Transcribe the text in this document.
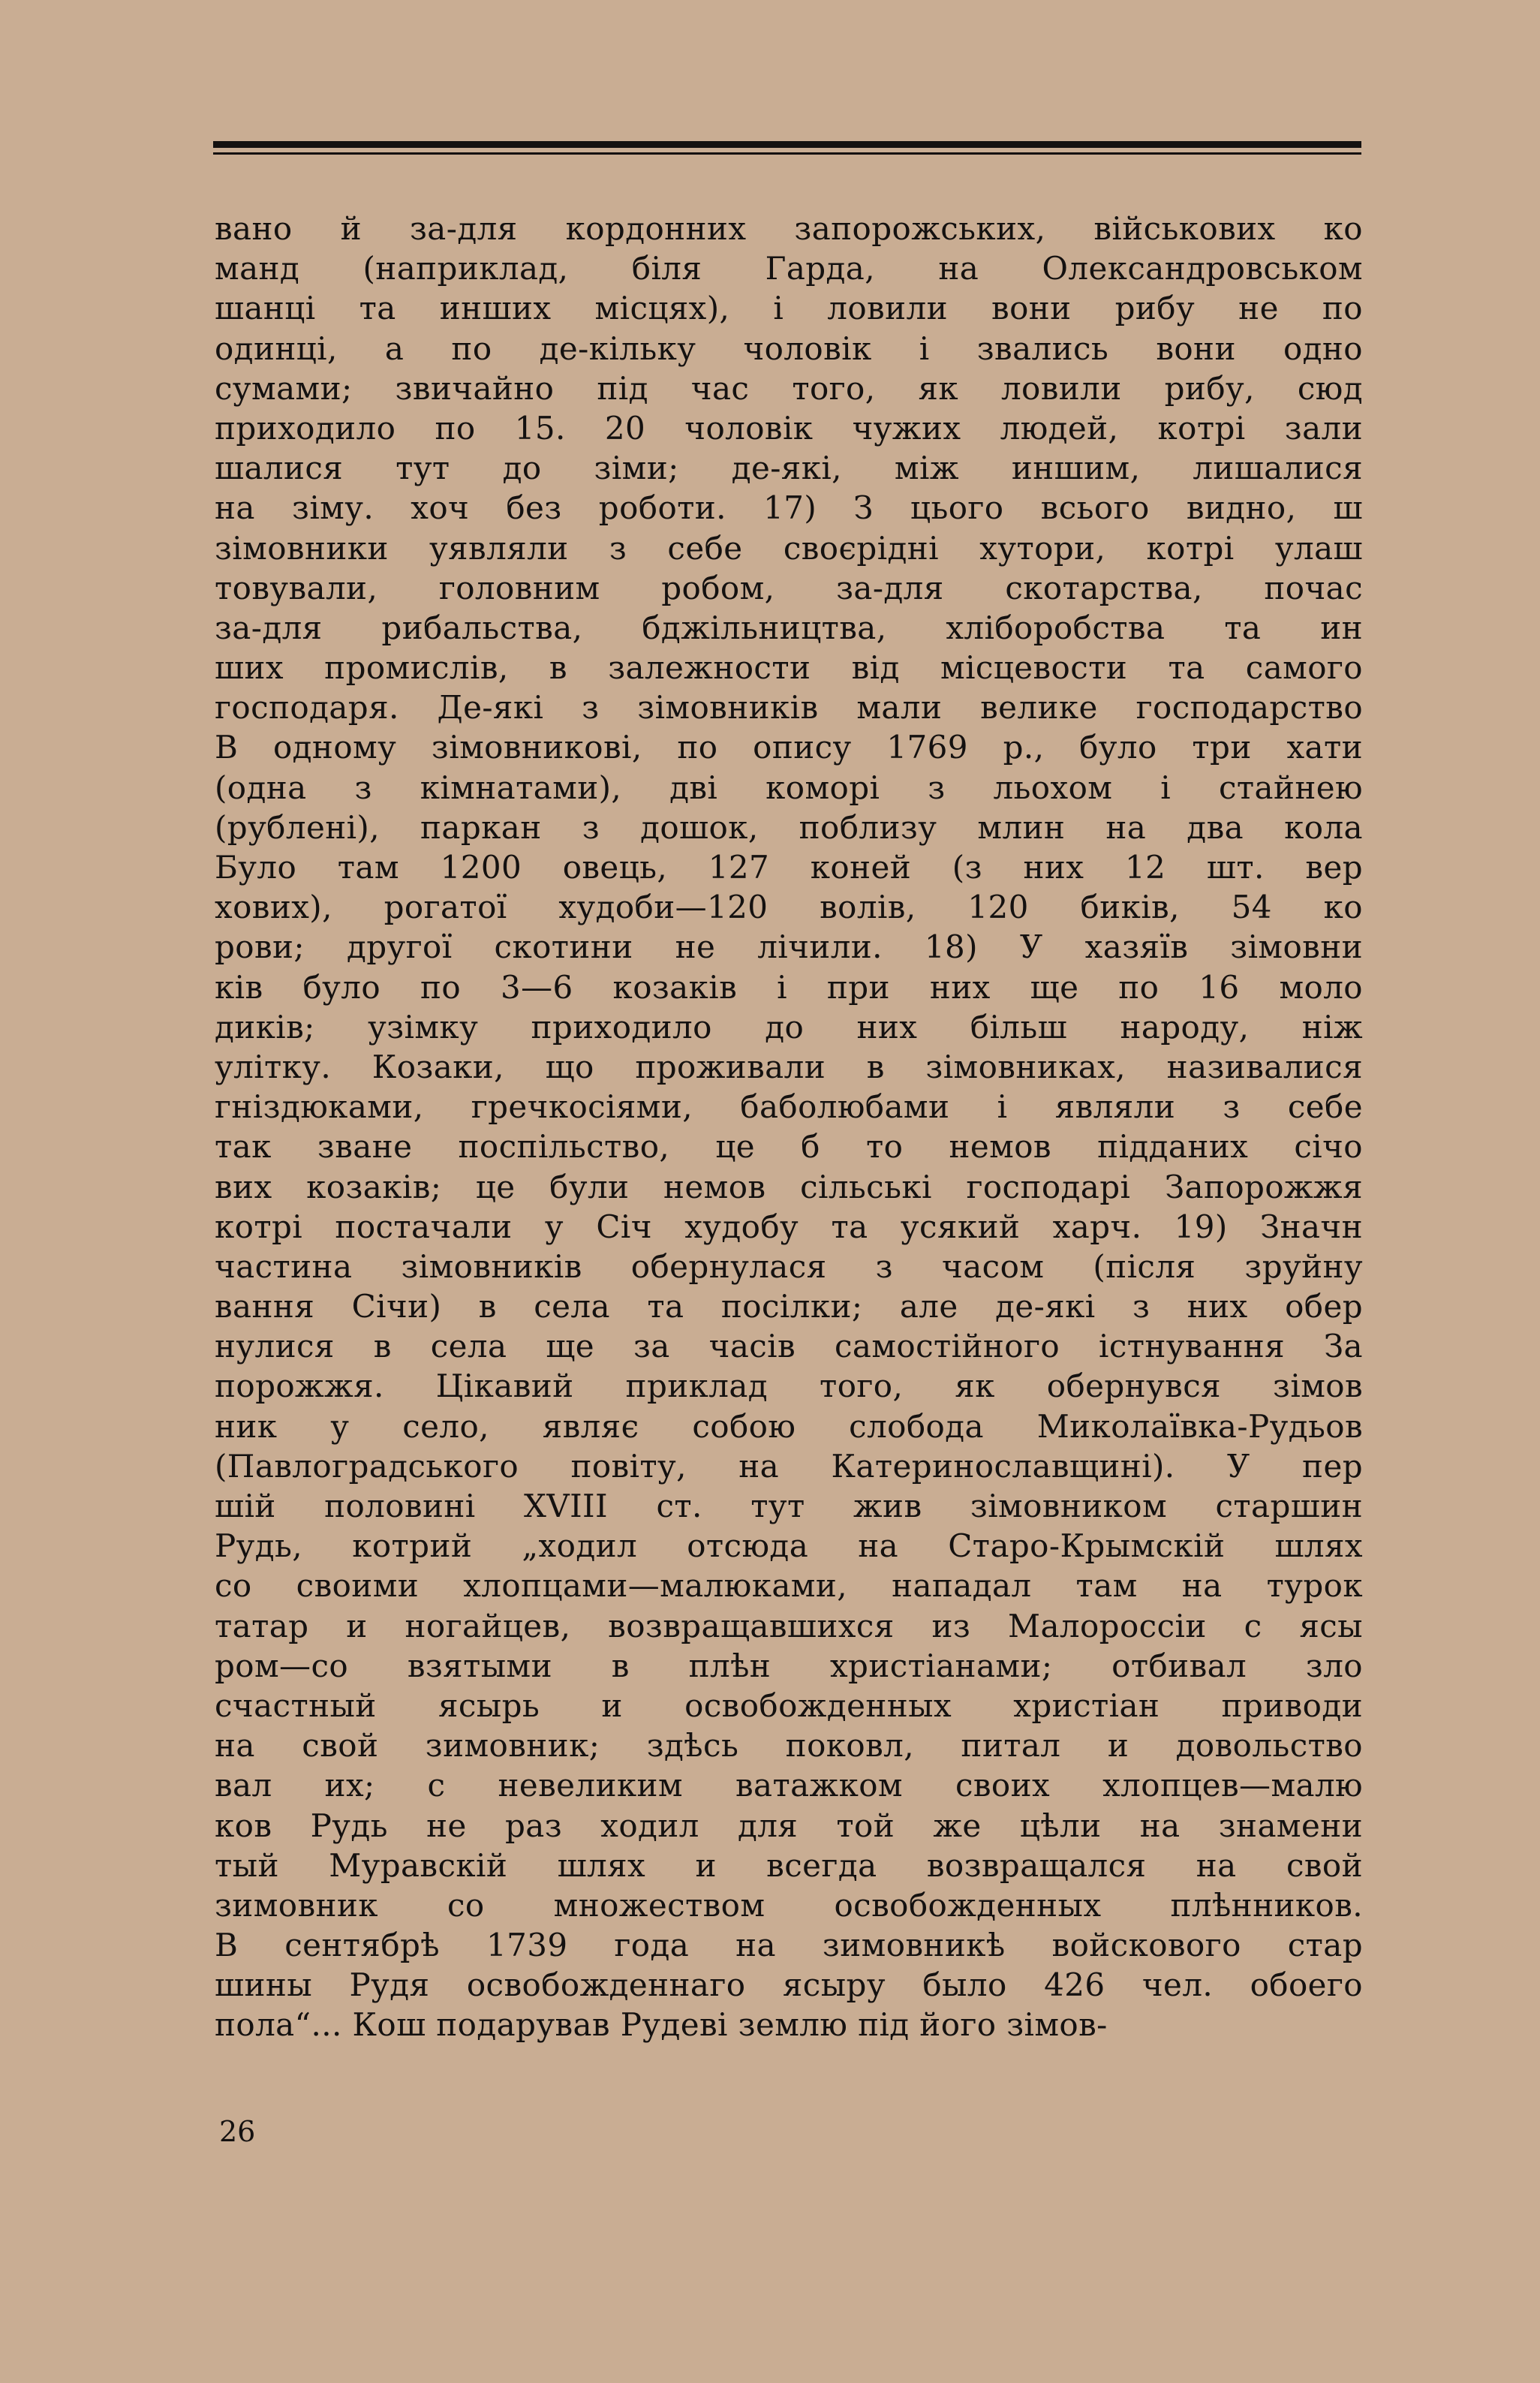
вано й за-для кордонних запорожських, військових ко
манд (наприклад, біля Гарда, на Олександровськом
шанці та инших місцях), і ловили вони рибу не по
одинці, а по де-кільку чоловік і звались вони одно
сумами; звичайно під час того, як ловили рибу, сюд
приходило по 15. 20 чоловік чужих людей, котрі зали
шалися тут до зіми; де-які, між иншим, лишалися
на зіму. хоч без роботи. 17) З цього всього видно, ш
зімовники уявляли з себе своєрідні хутори, котрі улаш
товували, головним робом, за-для скотарства, почас
за-для рибальства, бджільництва, хліборобства та ин
ших промислів, в залежности від місцевости та самого
господаря. Де-які з зімовників мали велике господарство
В одному зімовникові, по опису 1769 р., було три хати
(одна з кімнатами), дві коморі з льохом і стайнею
(рублені), паркан з дошок, поблизу млин на два кола
Було там 1200 овець, 127 коней (з них 12 шт. вер
хових), рогатої худоби—120 волів, 120 биків, 54 ко
рови; другої скотини не лічили. 18) У хазяїв зімовни
ків було по 3—6 козаків і при них ще по 16 моло
диків; узімку приходило до них більш народу, ніж
улітку. Козаки, що проживали в зімовниках, називалися
гніздюками, гречкосіями, баболюбами і являли з себе
так зване поспільство, це б то немов підданих січо
вих козаків; це були немов сільські господарі Запорожжя
котрі постачали у Січ худобу та усякий харч. 19) Значн
частина зімовників обернулася з часом (після зруйну
вання Січи) в села та посілки; але де-які з них обер
нулися в села ще за часів самостійного істнування За
порожжя. Цікавий приклад того, як обернувся зімов
ник у село, являє собою слобода Миколаївка-Рудьов
(Павлоградського повіту, на Катеринославщині). У пер
шій половині XVIII ст. тут жив зімовником старшин
Рудь, котрий „ходил отсюда на Старо-Крымскій шлях
со своими хлопцами—малюками, нападал там на турок
татар и ногайцев, возвращавшихся из Малороссіи с ясы
ром—со взятыми в плѣн христіанами; отбивал зло
счастный ясырь и освобожденных христіан приводи
на свой зимовник; здѣсь поковл, питал и довольство
вал их; с невеликим ватажком своих хлопцев—малю
ков Рудь не раз ходил для той же цѣли на знамени
тый Муравскій шлях и всегда возвращался на свой
зимовник со множеством освобожденных плѣнников.
В сентябрѣ 1739 года на зимовникѣ войскового стар
шины Рудя освобожденнаго ясыру было 426 чел. обоего
пола“... Кош подарував Рудеві землю під його зімов-
26
